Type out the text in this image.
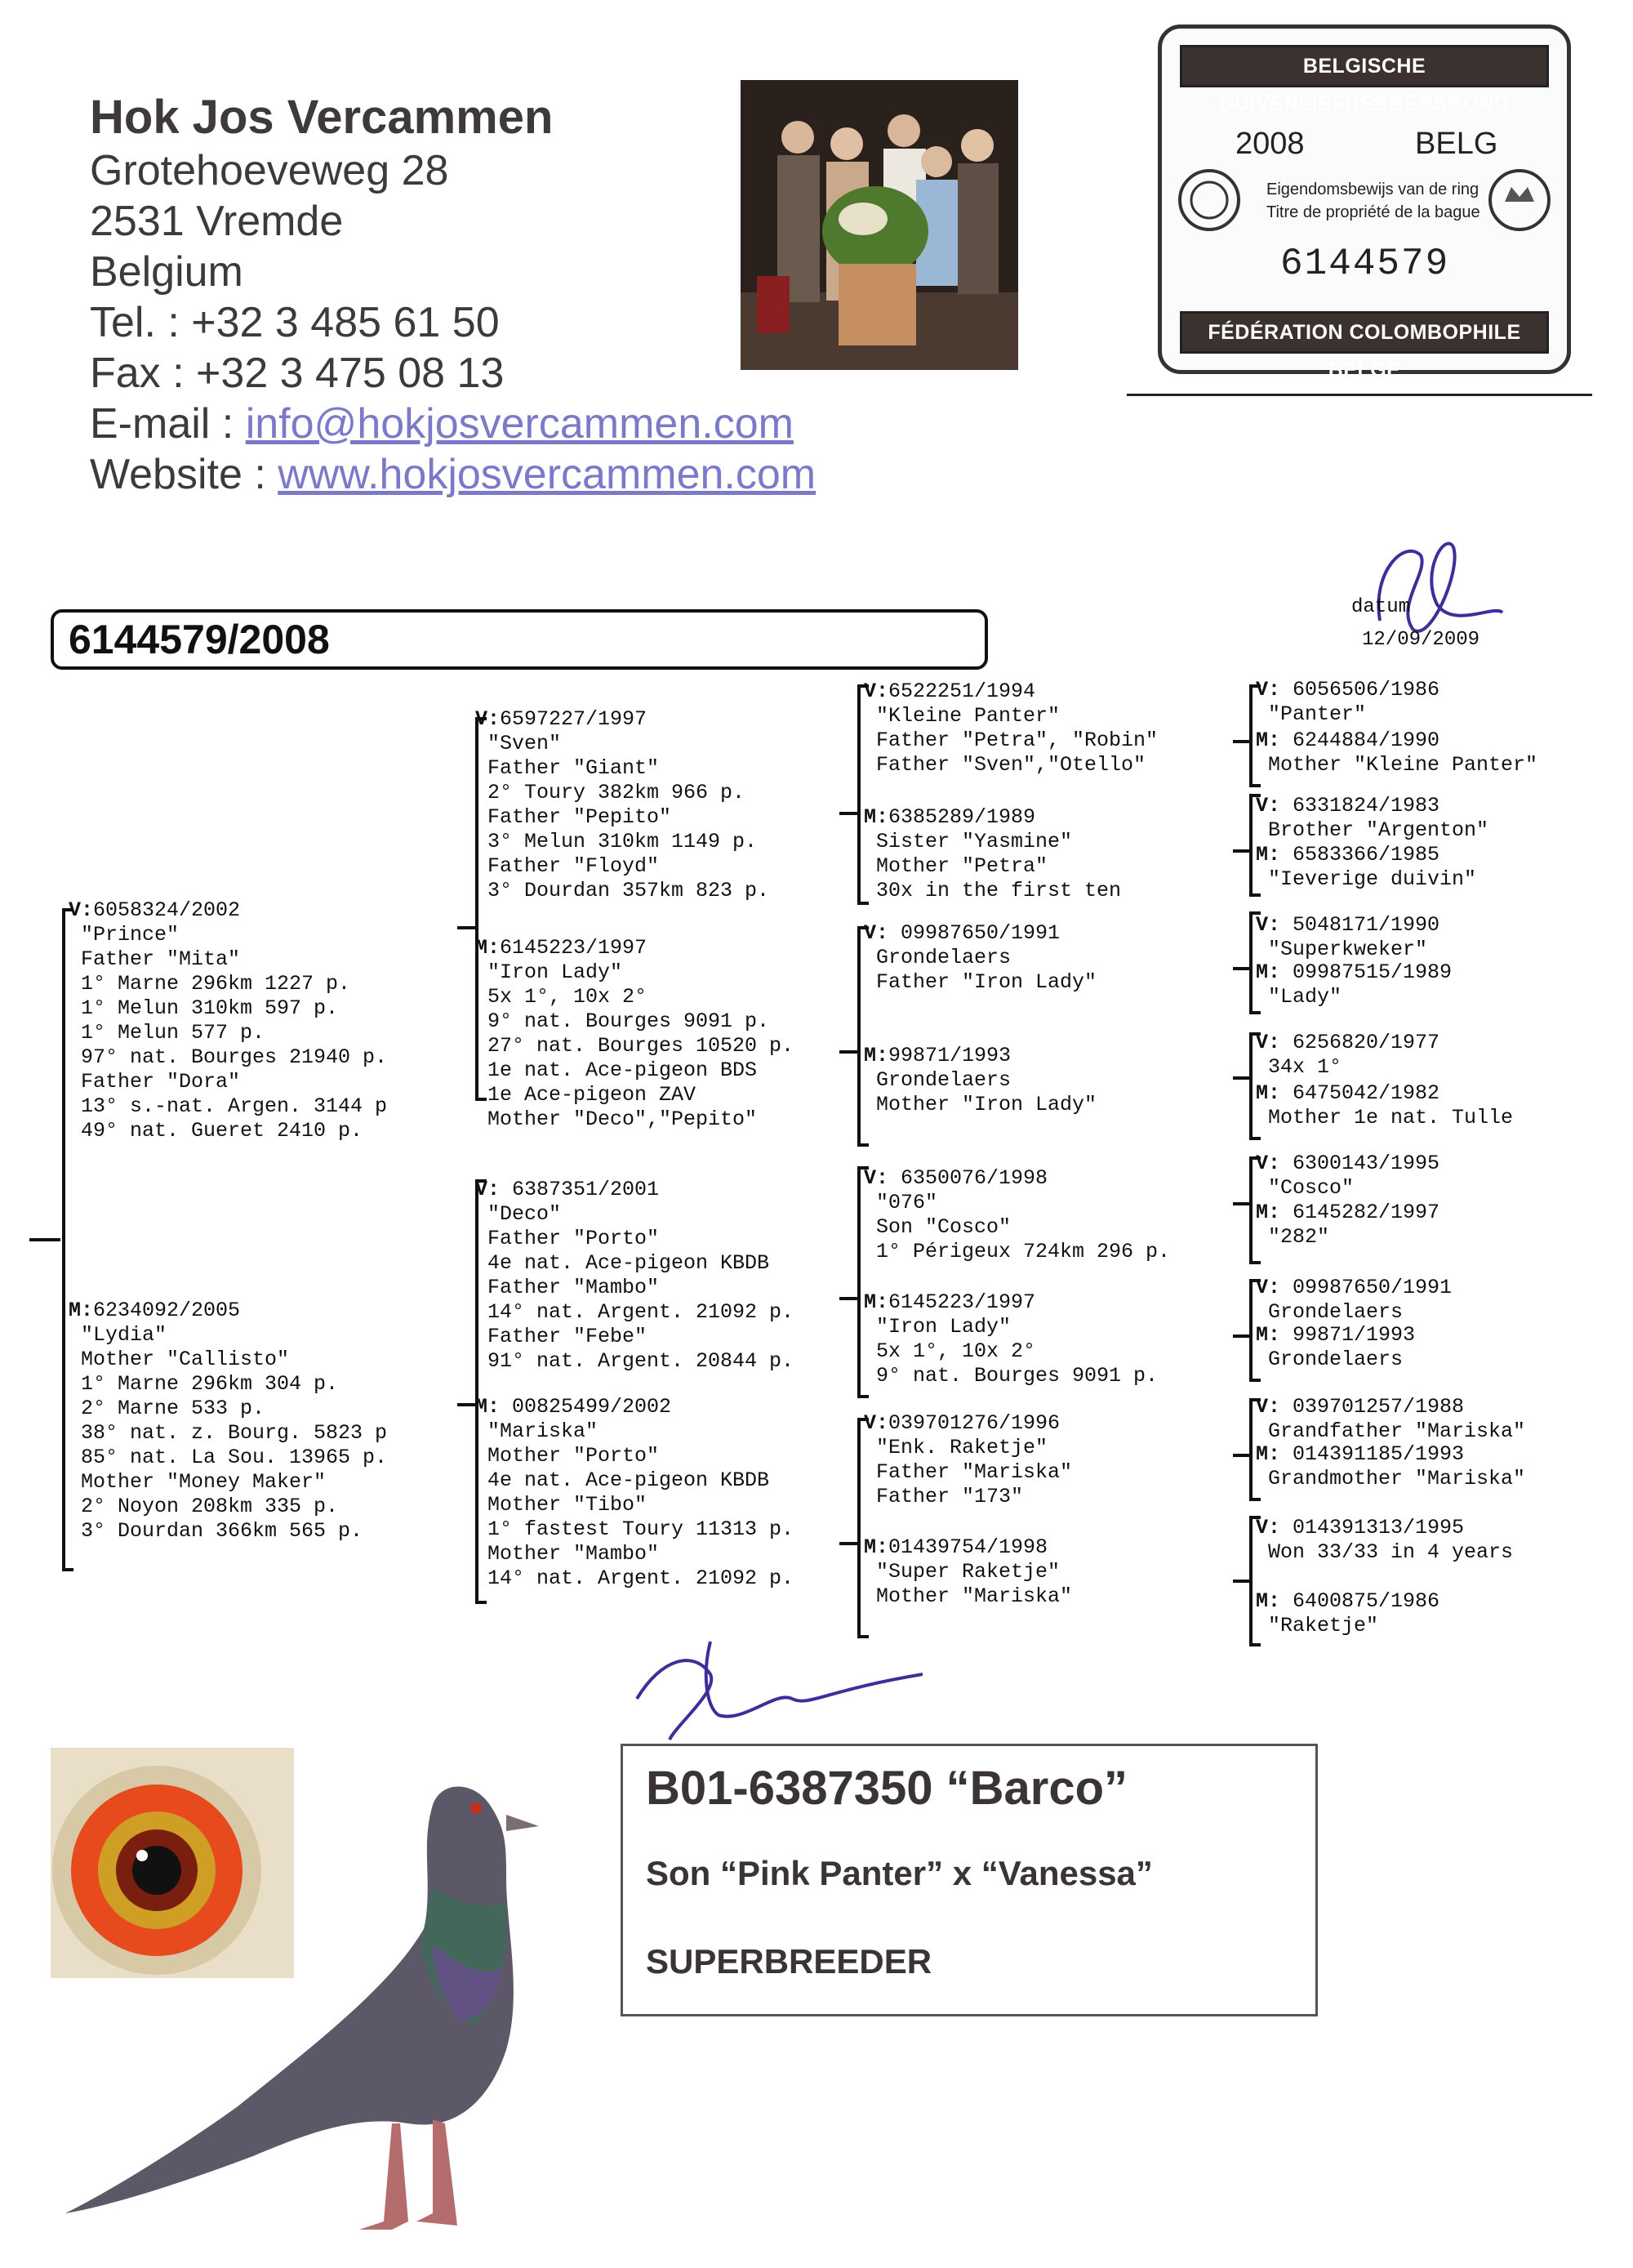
Hok Jos Vercammen
Grotehoeveweg 28
2531 Vremde
Belgium
Tel. : +32 3 485 61 50
Fax : +32 3 475 08 13
E-mail : info@hokjosvercammen.com
Website : www.hokjosvercammen.com
BELGISCHE DUIVENLIEFHEBBERSBOND
2008	BELG
Eigendomsbewijs van de ring
Titre de propriété de la bague
6144579
FÉDÉRATION COLOMBOPHILE BELGE
6144579/2008
datum
12/09/2009
V:6058324/2002
"Prince"
Father "Mita"
1° Marne 296km 1227 p.
1° Melun 310km 597 p.
1° Melun 577 p.
97° nat. Bourges 21940 p.
Father "Dora"
13° s.-nat. Argen. 3144 p
49° nat. Gueret 2410 p.
M:6234092/2005
"Lydia"
Mother "Callisto"
1° Marne 296km 304 p.
2° Marne 533 p.
38° nat. z. Bourg. 5823 p
85° nat. La Sou. 13965 p.
Mother "Money Maker"
2° Noyon 208km 335 p.
3° Dourdan 366km 565 p.
V:6597227/1997
"Sven"
Father "Giant"
2° Toury 382km 966 p.
Father "Pepito"
3° Melun 310km 1149 p.
Father "Floyd"
3° Dourdan 357km 823 p.
M:6145223/1997
"Iron Lady"
5x 1°, 10x 2°
9° nat. Bourges 9091 p.
27° nat. Bourges 10520 p.
1e nat. Ace-pigeon BDS
1e Ace-pigeon ZAV
Mother "Deco","Pepito"
V: 6387351/2001
"Deco"
Father "Porto"
4e nat. Ace-pigeon KBDB
Father "Mambo"
14° nat. Argent. 21092 p.
Father "Febe"
91° nat. Argent. 20844 p.
M: 00825499/2002
"Mariska"
Mother "Porto"
4e nat. Ace-pigeon KBDB
Mother "Tibo"
1° fastest Toury 11313 p.
Mother "Mambo"
14° nat. Argent. 21092 p.
V:6522251/1994
"Kleine Panter"
Father "Petra", "Robin"
Father "Sven","Otello"
M:6385289/1989
Sister "Yasmine"
Mother "Petra"
30x in the first ten
V: 09987650/1991
Grondelaers
Father "Iron Lady"
M:99871/1993
Grondelaers
Mother "Iron Lady"
V: 6350076/1998
"076"
Son "Cosco"
1° Périgeux 724km 296 p.
M:6145223/1997
"Iron Lady"
5x 1°, 10x 2°
9° nat. Bourges 9091 p.
V:039701276/1996
"Enk. Raketje"
Father "Mariska"
Father "173"
M:01439754/1998
"Super Raketje"
Mother "Mariska"
V: 6056506/1986
"Panter"
M: 6244884/1990
Mother "Kleine Panter"
V: 6331824/1983
Brother "Argenton"
M: 6583366/1985
"Ieverige duivin"
V: 5048171/1990
"Superkweker"
M: 09987515/1989
"Lady"
V: 6256820/1977
34x 1°
M: 6475042/1982
Mother 1e nat. Tulle
V: 6300143/1995
"Cosco"
M: 6145282/1997
"282"
V: 09987650/1991
Grondelaers
M: 99871/1993
Grondelaers
V: 039701257/1988
Grandfather "Mariska"
M: 014391185/1993
Grandmother "Mariska"
V: 014391313/1995
Won 33/33 in 4 years
M: 6400875/1986
"Raketje"
B01-6387350 “Barco”
Son “Pink Panter” x “Vanessa”
SUPERBREEDER
